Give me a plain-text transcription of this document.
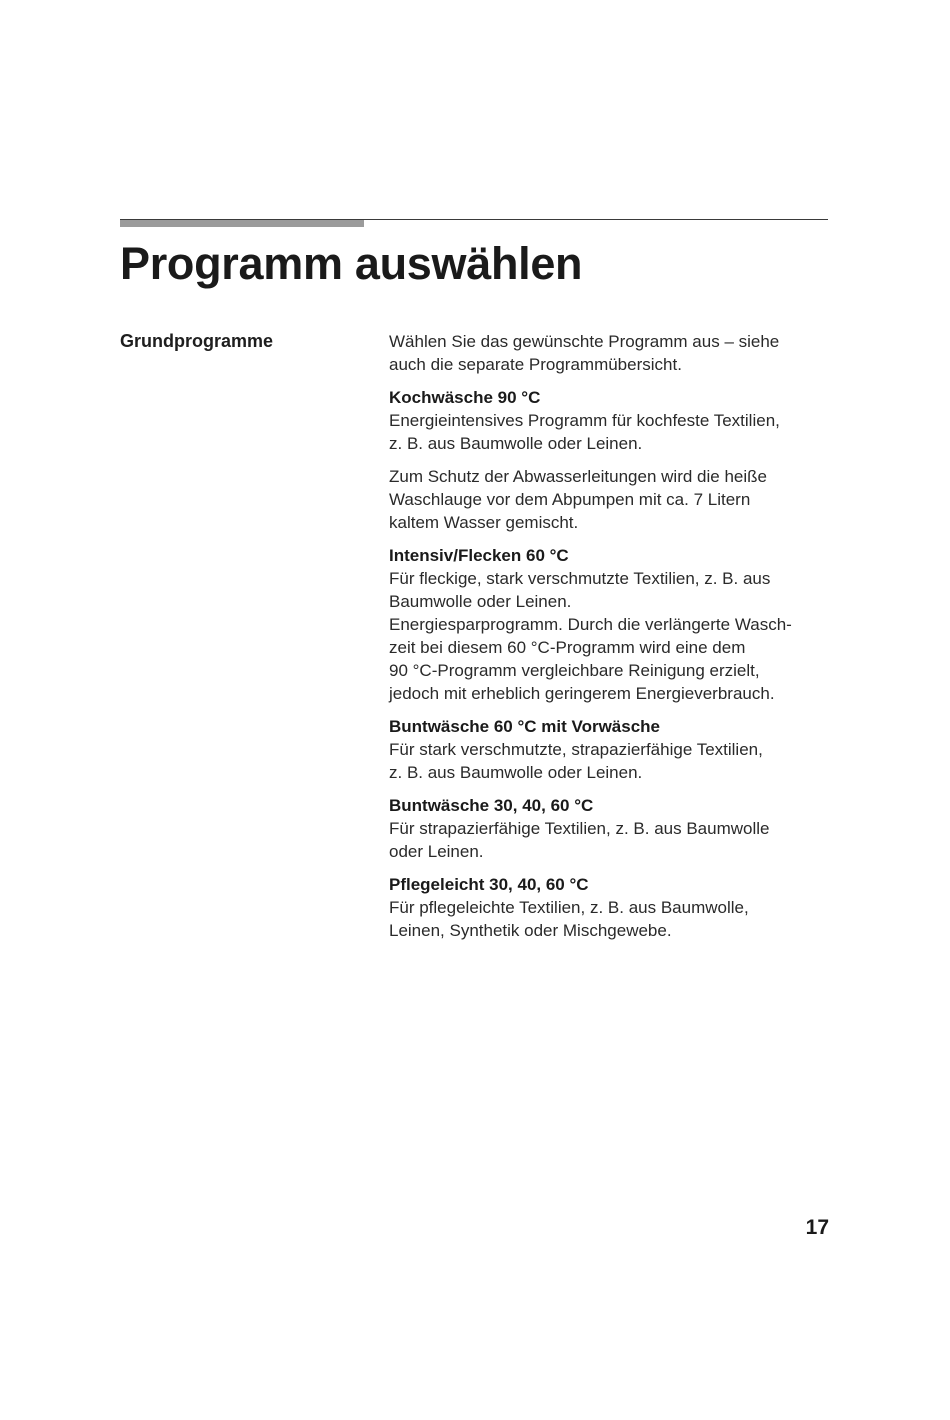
Programm auswählen
Grundprogramme	Wählen Sie das gewünschte Programm aus – siehe
auch die separate Programmübersicht.

Kochwäsche 90 °C
Energieintensives Programm für kochfeste Textilien,
z. B. aus Baumwolle oder Leinen.

Zum Schutz der Abwasserleitungen wird die heiße
Waschlauge vor dem Abpumpen mit ca. 7 Litern
kaltem Wasser gemischt.

Intensiv/Flecken 60 °C
Für fleckige, stark verschmutzte Textilien, z. B. aus
Baumwolle oder Leinen.
Energiesparprogramm. Durch die verlängerte Wasch-
zeit bei diesem 60 °C-Programm wird eine dem
90 °C-Programm vergleichbare Reinigung erzielt,
jedoch mit erheblich geringerem Energieverbrauch.

Buntwäsche 60 °C mit Vorwäsche
Für stark verschmutzte, strapazierfähige Textilien,
z. B. aus Baumwolle oder Leinen.

Buntwäsche 30, 40, 60 °C
Für strapazierfähige Textilien, z. B. aus Baumwolle
oder Leinen.

Pflegeleicht 30, 40, 60 °C
Für pflegeleichte Textilien, z. B. aus Baumwolle,
Leinen, Synthetik oder Mischgewebe.

17
